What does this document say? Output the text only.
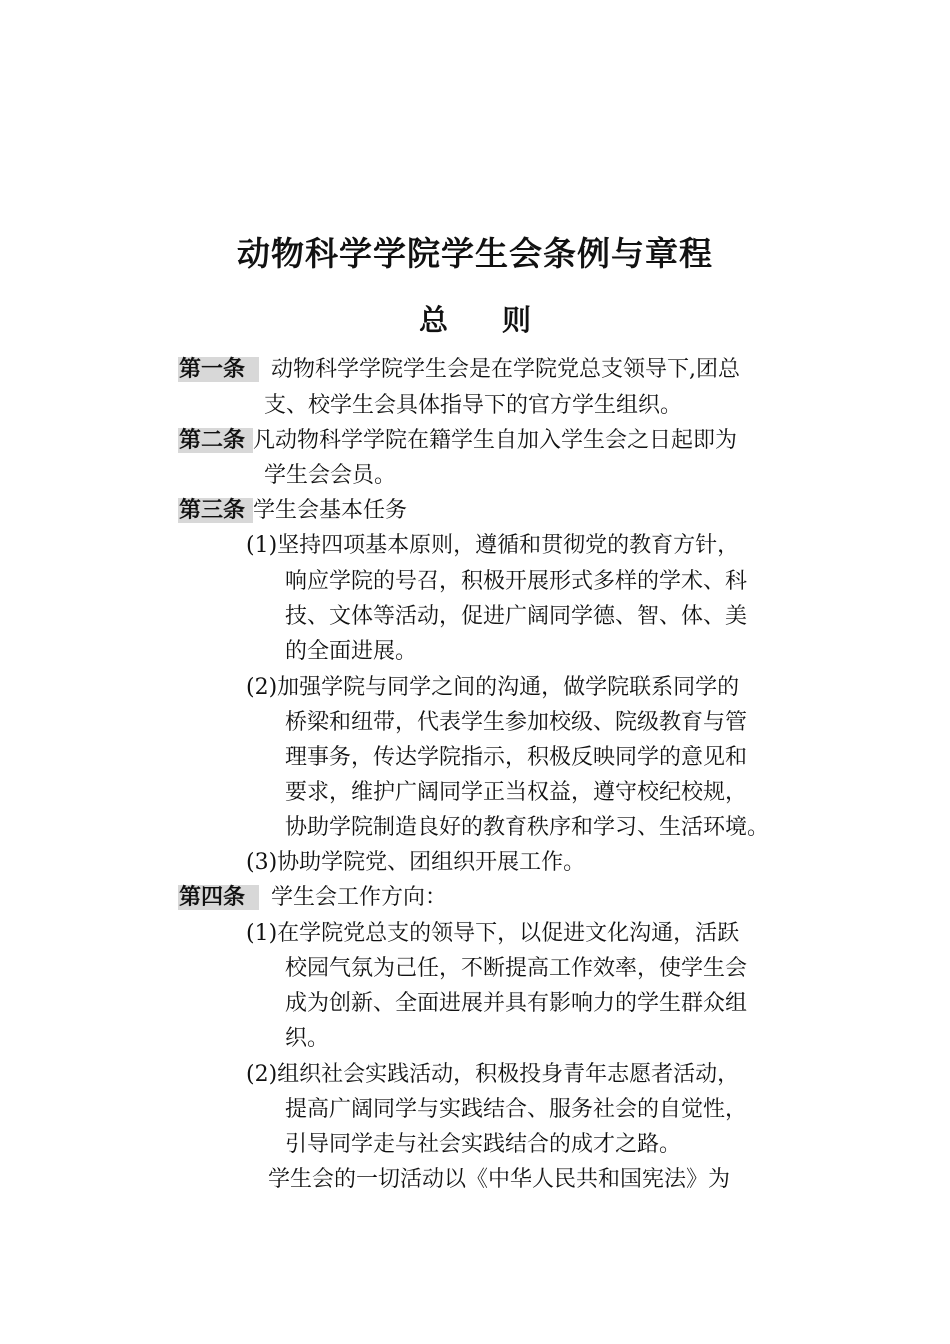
动物科学学院学生会条例与章程
总 则
第一条 动物科学学院学生会是在学院党总支领导下,团总
支、校学生会具体指导下的官方学生组织。
第二条 凡动物科学学院在籍学生自加入学生会之日起即为
学生会会员。
第三条 学生会基本任务
(1)坚持四项基本原则，遵循和贯彻党的教育方针，
响应学院的号召，积极开展形式多样的学术、科
技、文体等活动，促进广阔同学德、智、体、美
的全面进展。
(2)加强学院与同学之间的沟通，做学院联系同学的
桥梁和纽带，代表学生参加校级、院级教育与管
理事务，传达学院指示，积极反映同学的意见和
要求，维护广阔同学正当权益，遵守校纪校规，
协助学院制造良好的教育秩序和学习、生活环境。
(3)协助学院党、团组织开展工作。
第四条 学生会工作方向：
(1)在学院党总支的领导下，以促进文化沟通，活跃
校园气氛为己任，不断提高工作效率，使学生会
成为创新、全面进展并具有影响力的学生群众组
织。
(2)组织社会实践活动，积极投身青年志愿者活动，
提高广阔同学与实践结合、服务社会的自觉性，
引导同学走与社会实践结合的成才之路。
学生会的一切活动以《中华人民共和国宪法》为
